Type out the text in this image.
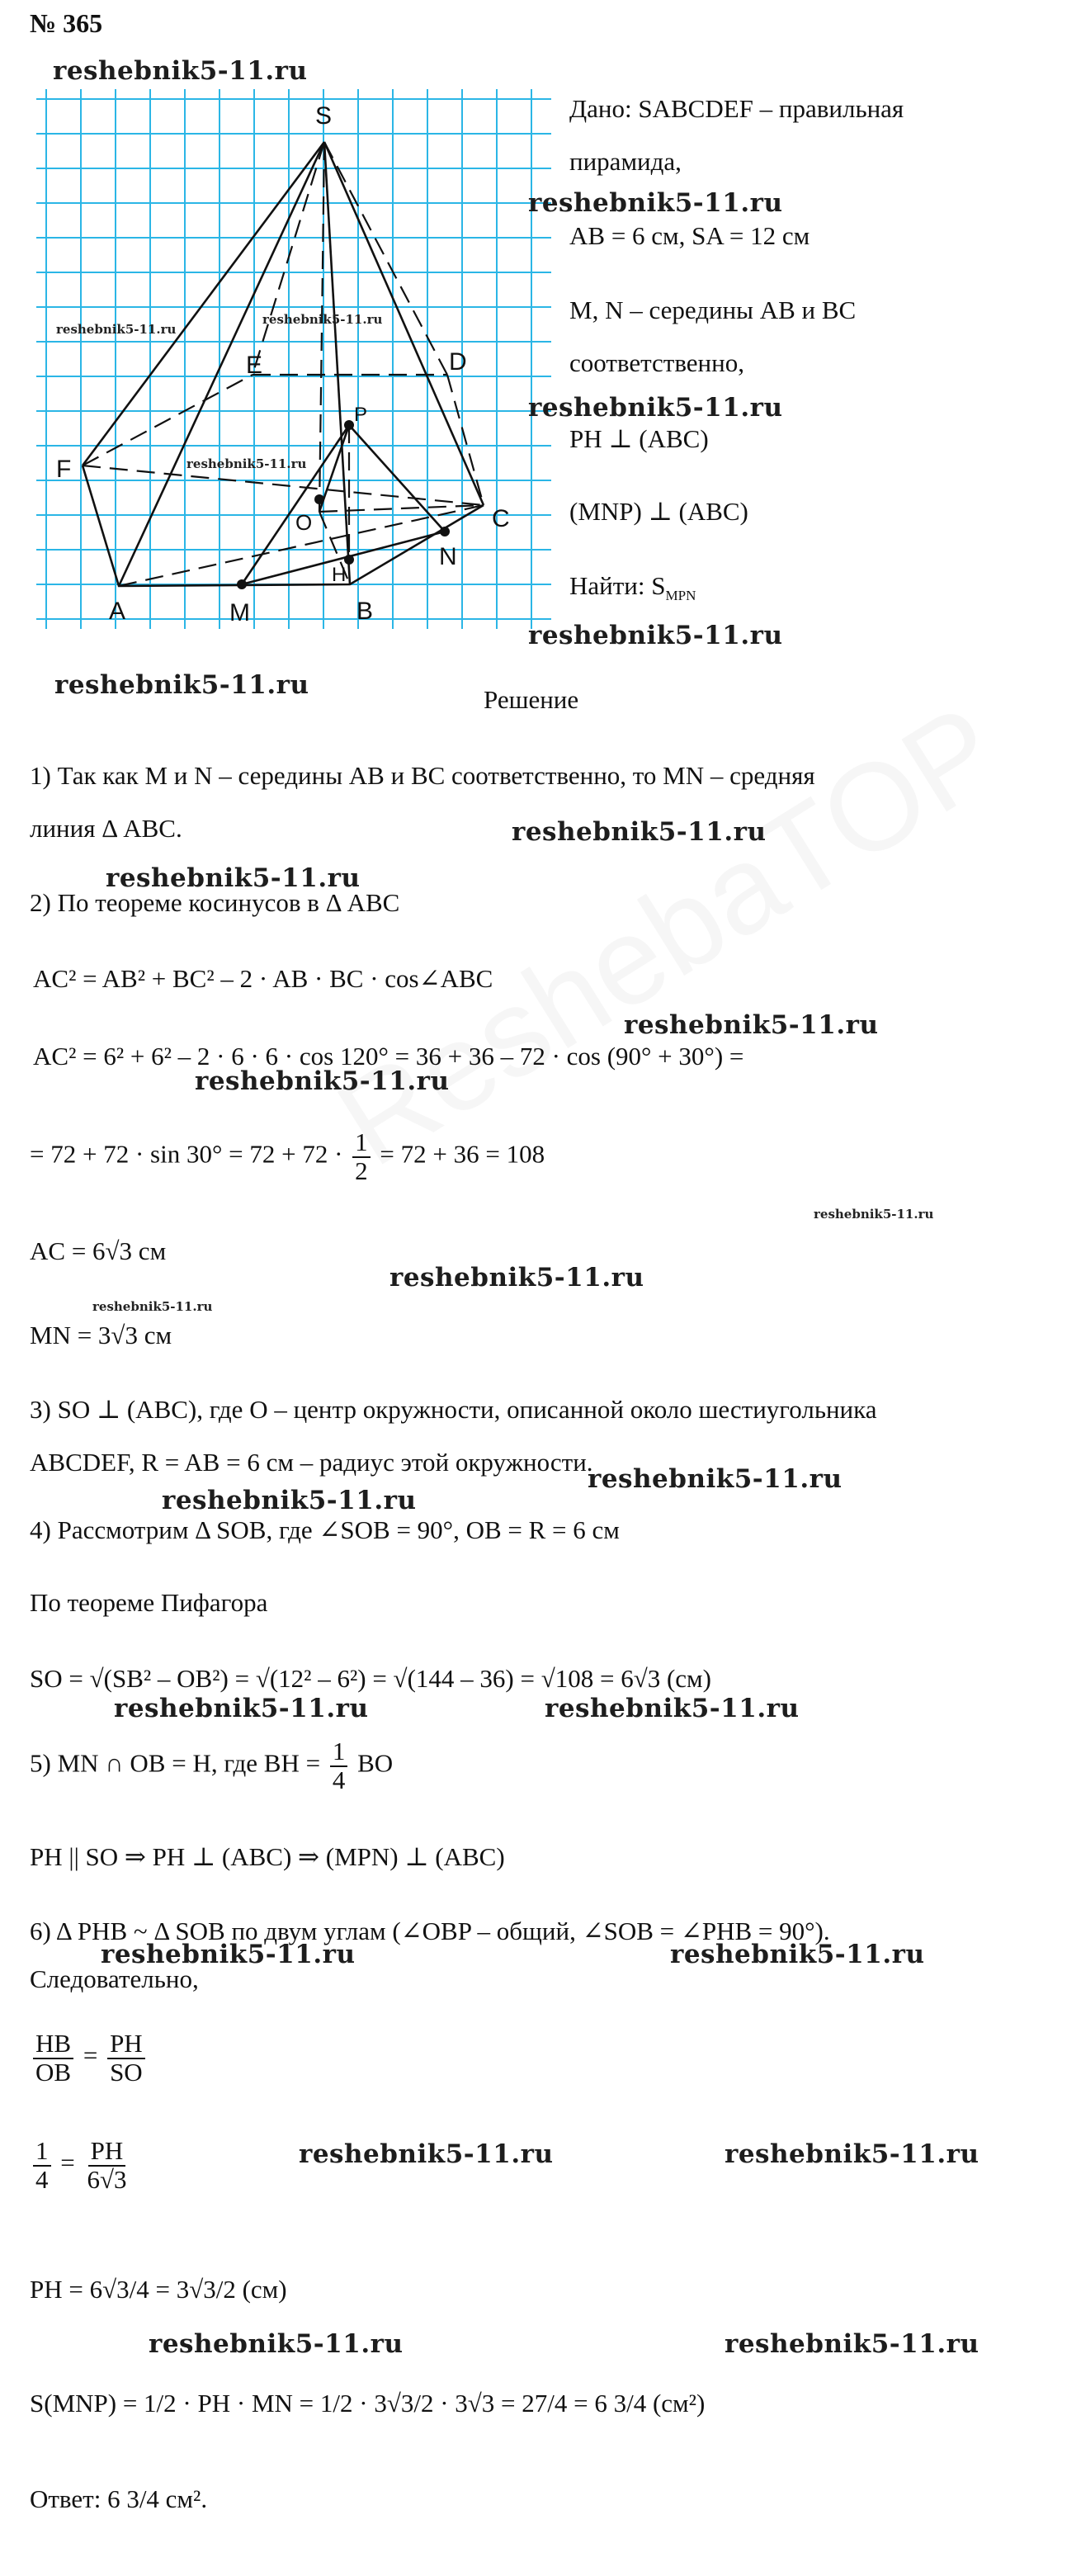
№ 365
S
E	D
F
P
O	C
N
H
A	M	B
reshebnik5-11.ru
reshebnik5-11.ru
reshebnik5-11.ru
reshebnik5-11.ru
reshebnik5-11.ru
reshebnik5-11.ru
reshebnik5-11.ru
reshebnik5-11.ru
Дано: SABCDEF – правильная
пирамида,
AB = 6 см, SA = 12 см
M, N – середины AB и BC
соответственно,
PH ⊥ (ABC)
(MNP) ⊥ (ABC)
Найти: $S_{MPN}$
Решение
1) Так как M и N – середины AB и BC соответственно, то MN – средняя
линия Δ ABC.	reshebnik5-11.ru
reshebnik5-11.ru
2) По теореме косинусов в Δ ABC
AC² = AB² + BC² – 2 · AB · BC · cos∠ABC
reshebnik5-11.ru
AC² = 6² + 6² – 2 · 6 · 6 · cos 120° = 36 + 36 – 72 · cos (90° + 30°) =
reshebnik5-11.ru
= $72 + 72 \cdot \sin 30^\circ = 72 + 72 \cdot \frac{1}{2} = 72 + 36 = 108$
reshebnik5-11.ru
AC = 6√3 см
reshebnik5-11.ru
reshebnik5-11.ru
MN = 3√3 см
3) SO ⊥ (ABC), где O – центр окружности, описанной около шестиугольника
ABCDEF, R = AB = 6 см – радиус этой окружности.
reshebnik5-11.ru
reshebnik5-11.ru
4) Рассмотрим Δ SOB, где ∠SOB = 90°, OB = R = 6 см
По теореме Пифагора
SO = √(SB² – OB²) = √(12² – 6²) = √(144 – 36) = √108 = 6√3 (см)
reshebnik5-11.ru	reshebnik5-11.ru
5) MN ∩ OB = H, где BH = $\frac{1}{4}$ BO
PH || SO ⇒ PH ⊥ (ABC) ⇒ (MPN) ⊥ (ABC)
6) Δ PHB ~ Δ SOB по двум углам (∠OBP – общий, ∠SOB = ∠PHB = 90°).
reshebnik5-11.ru	reshebnik5-11.ru
Следовательно,
$\frac{HB}{OB} = \frac{PH}{SO}$
$\frac{1}{4} = \frac{PH}{6√3}$	reshebnik5-11.ru	reshebnik5-11.ru
PH = 6√3/4 = 3√3/2 (см)
reshebnik5-11.ru	reshebnik5-11.ru
S(MNP) = 1/2 · PH · MN = 1/2 · 3√3/2 · 3√3 = 27/4 = 6 3/4 (см²)
Ответ: 6 3/4 см².
